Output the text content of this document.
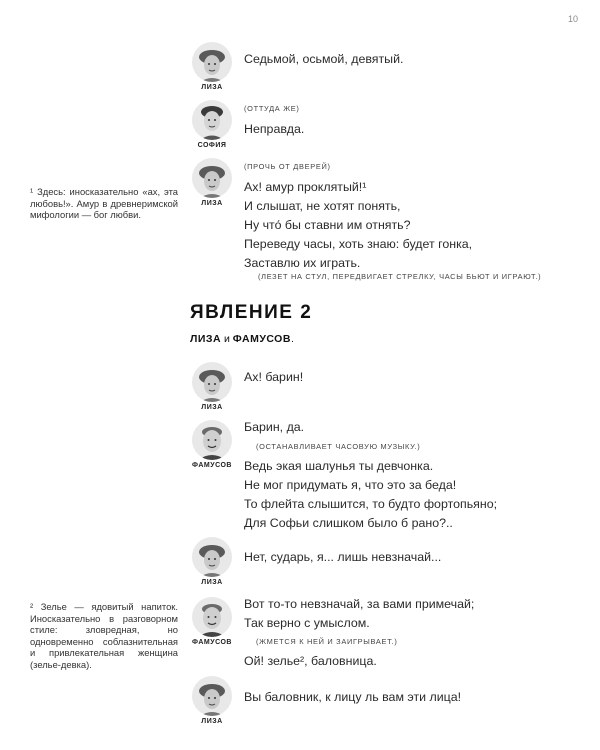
10
¹ Здесь: иносказательно «ах, эта любовь!». Амур в древнеримской мифологии — бог любви.
² Зелье — ядовитый напиток. Иносказательно в разговорном стиле: зловредная, но одновременно соблазнительная и привлекательная женщина (зелье-девка).
ЛИЗА
Седьмой, осьмой, девятый.
СОФИЯ
(ОТТУДА ЖЕ)
Неправда.
ЛИЗА
(ПРОЧЬ ОТ ДВЕРЕЙ)
Ах! амур проклятый!¹
И слышат, не хотят понять,
Ну что́ бы ставни им отнять?
Переведу часы, хоть знаю: будет гонка,
Заставлю их играть.
(ЛЕЗЕТ НА СТУЛ, ПЕРЕДВИГАЕТ СТРЕЛКУ, ЧАСЫ БЬЮТ И ИГРАЮТ.)
ЯВЛЕНИЕ 2
ЛИЗА и ФАМУСОВ.
ЛИЗА
Ах! барин!
ФАМУСОВ
Барин, да.
(ОСТАНАВЛИВАЕТ ЧАСОВУЮ МУЗЫКУ.)
Ведь экая шалунья ты девчонка.
Не мог придумать я, что это за беда!
То флейта слышится, то будто фортопьяно;
Для Софьи слишком было б рано?..
ЛИЗА
Нет, сударь, я... лишь невзначай...
ФАМУСОВ
Вот то-то невзначай, за вами примечай;
Так верно с умыслом.
(ЖМЕТСЯ К НЕЙ И ЗАИГРЫВАЕТ.)
Ой! зелье², баловница.
ЛИЗА
Вы баловник, к лицу ль вам эти лица!
